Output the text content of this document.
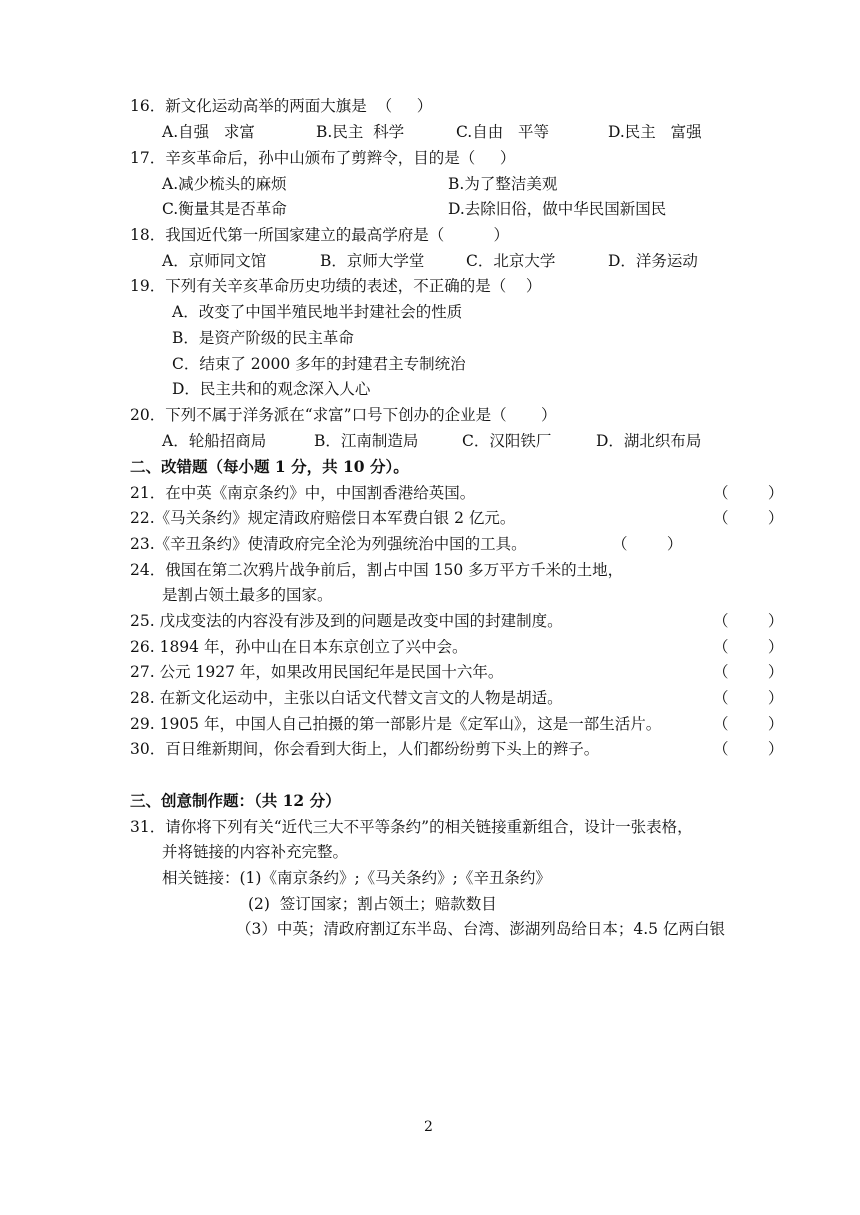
16．新文化运动高举的两面大旗是  （     ）
A.自强   求富	B.民主  科学	C.自由   平等	D.民主   富强
17．辛亥革命后，孙中山颁布了剪辫令，目的是（     ）
A.减少梳头的麻烦	B.为了整洁美观
C.衡量其是否革命	D.去除旧俗，做中华民国新国民
18．我国近代第一所国家建立的最高学府是（          ）
A．京师同文馆	B．京师大学堂	C．北京大学	D．洋务运动
19．下列有关辛亥革命历史功绩的表述，不正确的是（    ）
A．改变了中国半殖民地半封建社会的性质
B．是资产阶级的民主革命
C．结束了 2000 多年的封建君主专制统治
D．民主共和的观念深入人心
20．下列不属于洋务派在“求富”口号下创办的企业是（       ）
A．轮船招商局	B．江南制造局	C．汉阳铁厂	D．湖北织布局
二、改错题（每小题 1 分，共 10 分）。
21．在中英《南京条约》中，中国割香港给英国。	（        ）
22.《马关条约》规定清政府赔偿日本军费白银 2 亿元。	（        ）
23.《辛丑条约》使清政府完全沦为列强统治中国的工具。	（        ）
24．俄国在第二次鸦片战争前后，割占中国 150 多万平方千米的土地，
是割占领土最多的国家。
25. 戊戌变法的内容没有涉及到的问题是改变中国的封建制度。	（        ）
26. 1894 年，孙中山在日本东京创立了兴中会。	（        ）
27. 公元 1927 年，如果改用民国纪年是民国十六年。	（        ）
28. 在新文化运动中，主张以白话文代替文言文的人物是胡适。	（        ）
29. 1905 年，中国人自己拍摄的第一部影片是《定军山》，这是一部生活片。	（        ）
30．百日维新期间，你会看到大街上，人们都纷纷剪下头上的辫子。	（        ）
三、创意制作题：（共 12 分）
31．请你将下列有关“近代三大不平等条约”的相关链接重新组合，设计一张表格，
并将链接的内容补充完整。
相关链接：(1)《南京条约》;《马关条约》;《辛丑条约》
(2)  签订国家；割占领土；赔款数目
（3）中英；清政府割辽东半岛、台湾、澎湖列岛给日本；4.5 亿两白银
2
